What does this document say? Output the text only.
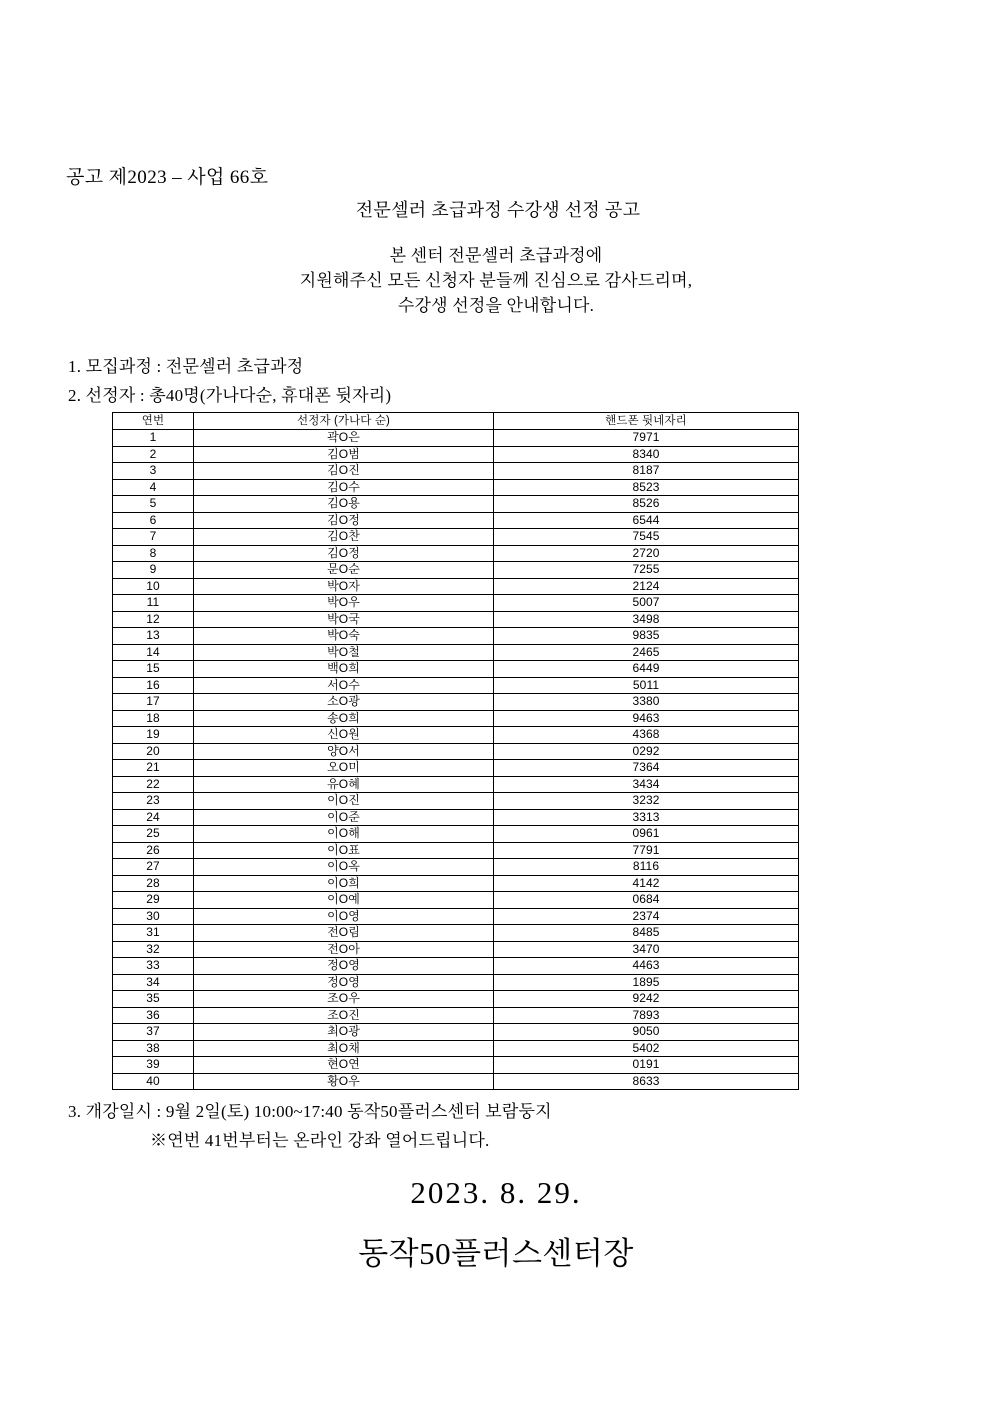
공고 제2023 – 사업 66호
전문셀러 초급과정 수강생 선정 공고
본 센터 전문셀러 초급과정에
지원해주신 모든 신청자 분들께 진심으로 감사드리며,
수강생 선정을 안내합니다.
1. 모집과정 : 전문셀러 초급과정
2. 선정자 : 총40명(가나다순, 휴대폰 뒷자리)
연번	선정자 (가나다 순)	핸드폰 뒷네자리
1	곽O은	7971
2	김O범	8340
3	김O진	8187
4	김O수	8523
5	김O용	8526
6	김O정	6544
7	김O찬	7545
8	김O정	2720
9	문O순	7255
10	박O자	2124
11	박O우	5007
12	박O국	3498
13	박O숙	9835
14	박O철	2465
15	백O희	6449
16	서O수	5011
17	소O광	3380
18	송O희	9463
19	신O원	4368
20	양O서	0292
21	오O미	7364
22	유O혜	3434
23	이O진	3232
24	이O준	3313
25	이O해	0961
26	이O표	7791
27	이O옥	8116
28	이O희	4142
29	이O예	0684
30	이O영	2374
31	전O림	8485
32	전O아	3470
33	정O영	4463
34	정O영	1895
35	조O우	9242
36	조O진	7893
37	최O광	9050
38	최O채	5402
39	현O연	0191
40	황O우	8633
3. 개강일시 : 9월 2일(토) 10:00~17:40 동작50플러스센터 보람둥지
※연번 41번부터는 온라인 강좌 열어드립니다.
2023. 8. 29.
동작50플러스센터장
